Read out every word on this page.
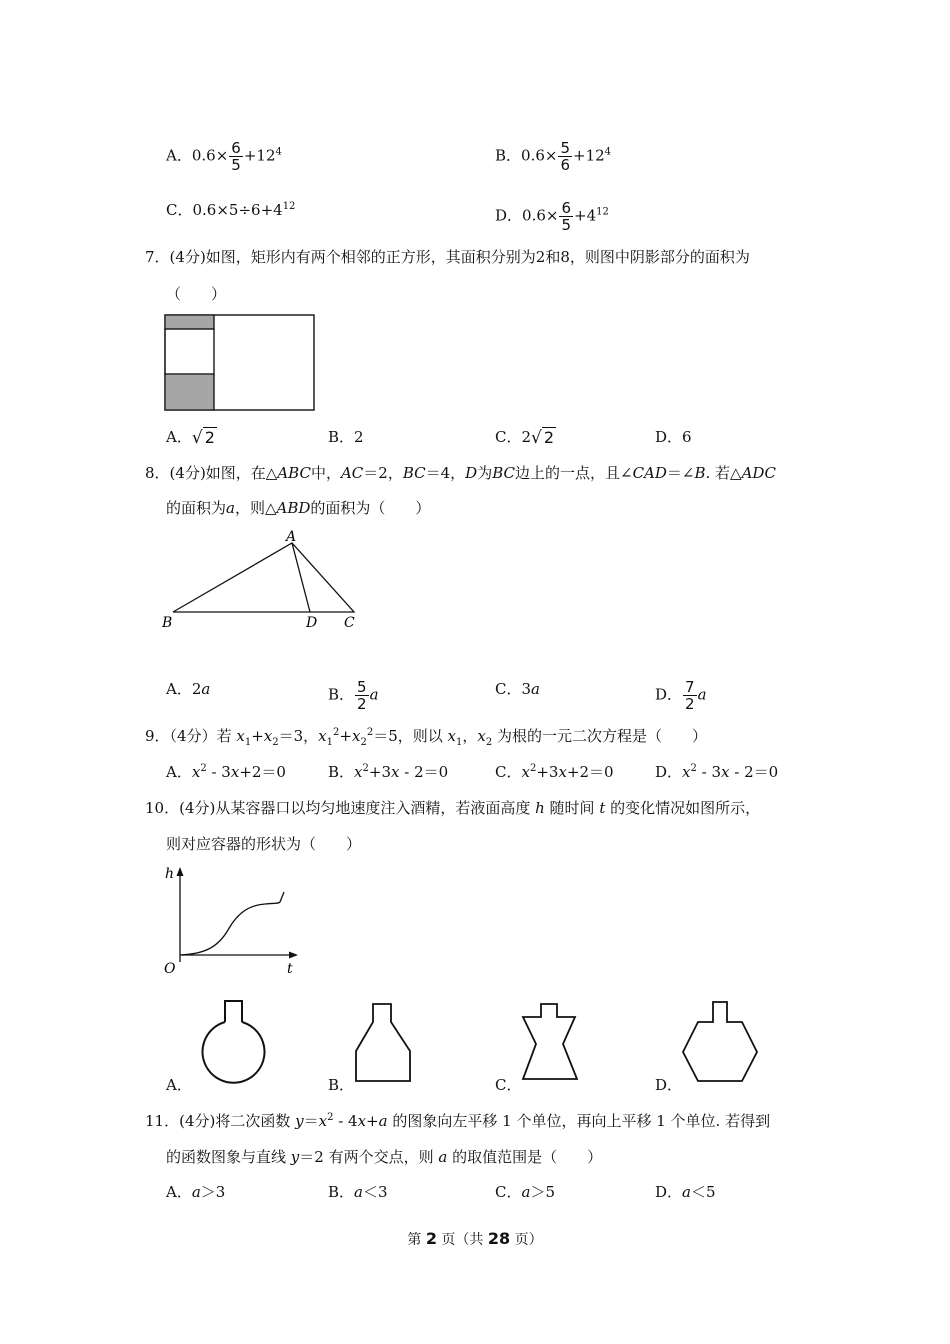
A．$0.6\times \frac{6}{5} +12^4$	B．$0.6\times \frac{5}{6} +12^4$
C．$0.6\times 5\div 6+4^{12}$	D．$0.6\times \frac{6}{5} +4^{12}$
7．(4分)如图，矩形内有两个相邻的正方形，其面积分别为2和8，则图中阴影部分的面积为
（　　）
A．√ 2	B．2	C．2√ 2	D．6
8．(4分)如图，在△ABC中，AC＝2，BC＝4，D为BC边上的一点，且∠CAD＝∠B. 若△ADC
的面积为a，则△ABD的面积为（　　）
A
B	D C
A．2a	B． $\frac{5}{2}$ a	C．3a	D． $\frac{7}{2}$ a
9．（4分）若 $x_1+x_2=3$，$x_1^2+x_2^2=5$，则以 $x_1$，$x_2$ 为根的一元二次方程是（　　）
A．$x^2 - 3x+2=0$	B．$x^2+3x - 2=0$	C．$x^2+3x+2=0$	D．$x^2 - 3x - 2=0$
10．(4分)从某容器口以均匀地速度注入酒精，若液面高度 h 随时间 t 的变化情况如图所示，
则对应容器的形状为（　　）
h
O	t
A．	B．	C．	D．
11．(4分)将二次函数 $y=x^2 - 4x+a$ 的图象向左平移 1 个单位，再向上平移 1 个单位. 若得到
的函数图象与直线 y＝2 有两个交点，则 a 的取值范围是（　　）
A．a＞3	B．a＜3	C．a＞5	D．a＜5
第 2 页（共 28 页）
